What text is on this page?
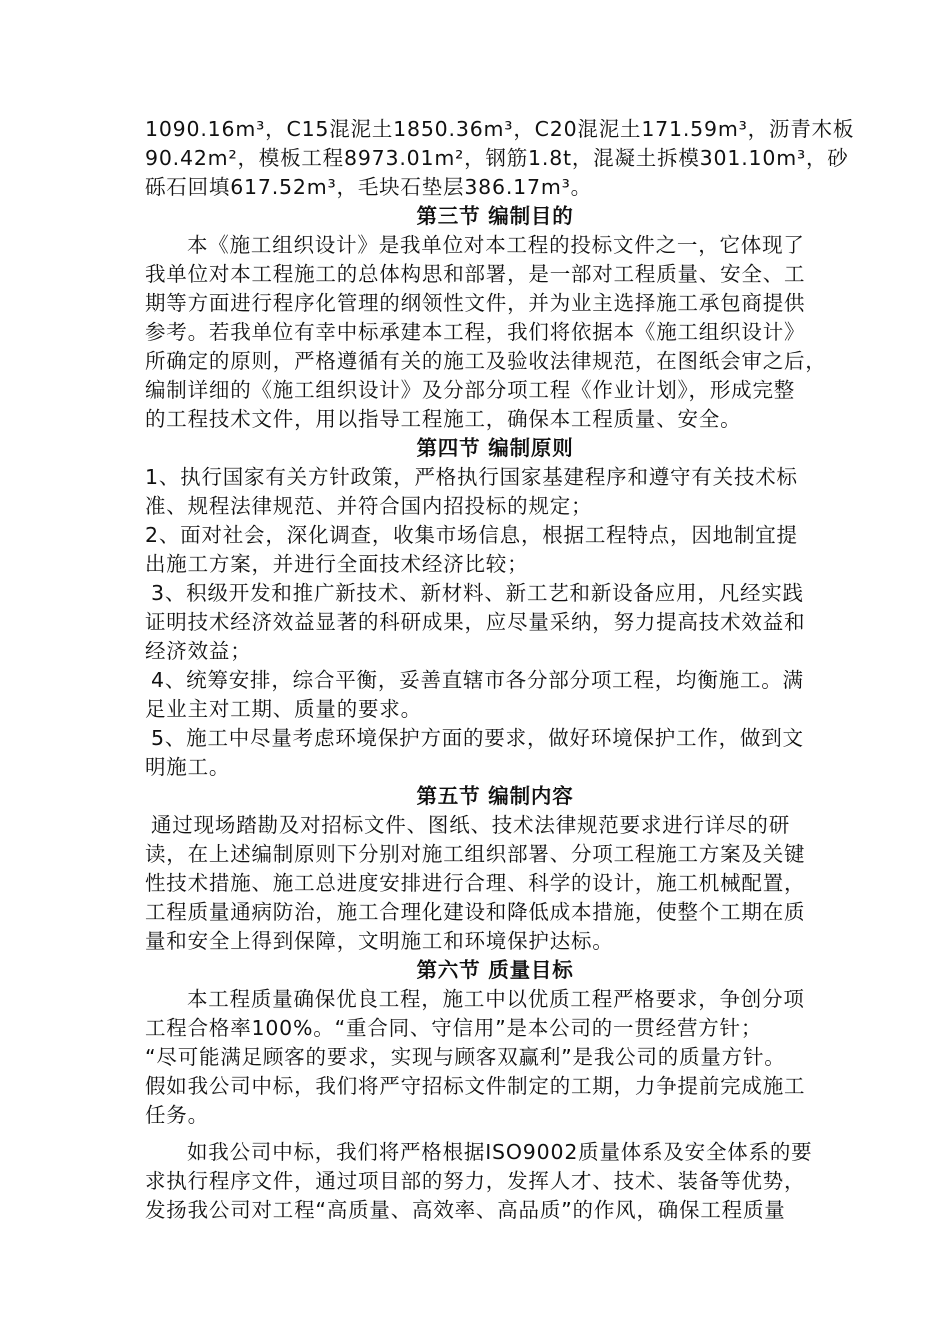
1090.16m³，C15混泥土1850.36m³，C20混泥土171.59m³，沥青木板
90.42m²，模板工程8973.01m²，钢筋1.8t，混凝土拆模301.10m³，砂
砾石回填617.52m³，毛块石垫层386.17m³。
第三节 编制目的
本《施工组织设计》是我单位对本工程的投标文件之一，它体现了
我单位对本工程施工的总体构思和部署，是一部对工程质量、安全、工
期等方面进行程序化管理的纲领性文件，并为业主选择施工承包商提供
参考。若我单位有幸中标承建本工程，我们将依据本《施工组织设计》
所确定的原则，严格遵循有关的施工及验收法律规范，在图纸会审之后，
编制详细的《施工组织设计》及分部分项工程《作业计划》，形成完整
的工程技术文件，用以指导工程施工，确保本工程质量、安全。
第四节 编制原则
1、执行国家有关方针政策，严格执行国家基建程序和遵守有关技术标
准、规程法律规范、并符合国内招投标的规定；
2、面对社会，深化调查，收集市场信息，根据工程特点，因地制宜提
出施工方案，并进行全面技术经济比较；
3、积级开发和推广新技术、新材料、新工艺和新设备应用，凡经实践
证明技术经济效益显著的科研成果，应尽量采纳，努力提高技术效益和
经济效益；
4、统筹安排，综合平衡，妥善直辖市各分部分项工程，均衡施工。满
足业主对工期、质量的要求。
5、施工中尽量考虑环境保护方面的要求，做好环境保护工作，做到文
明施工。
第五节 编制内容
通过现场踏勘及对招标文件、图纸、技术法律规范要求进行详尽的研
读，在上述编制原则下分别对施工组织部署、分项工程施工方案及关键
性技术措施、施工总进度安排进行合理、科学的设计，施工机械配置，
工程质量通病防治，施工合理化建设和降低成本措施，使整个工期在质
量和安全上得到保障，文明施工和环境保护达标。
第六节 质量目标
本工程质量确保优良工程，施工中以优质工程严格要求，争创分项
工程合格率100%。“重合同、守信用”是本公司的一贯经营方针；
“尽可能满足顾客的要求，实现与顾客双赢利”是我公司的质量方针。
假如我公司中标，我们将严守招标文件制定的工期，力争提前完成施工
任务。
如我公司中标，我们将严格根据ISO9002质量体系及安全体系的要
求执行程序文件，通过项目部的努力，发挥人才、技术、装备等优势，
发扬我公司对工程“高质量、高效率、高品质”的作风，确保工程质量
